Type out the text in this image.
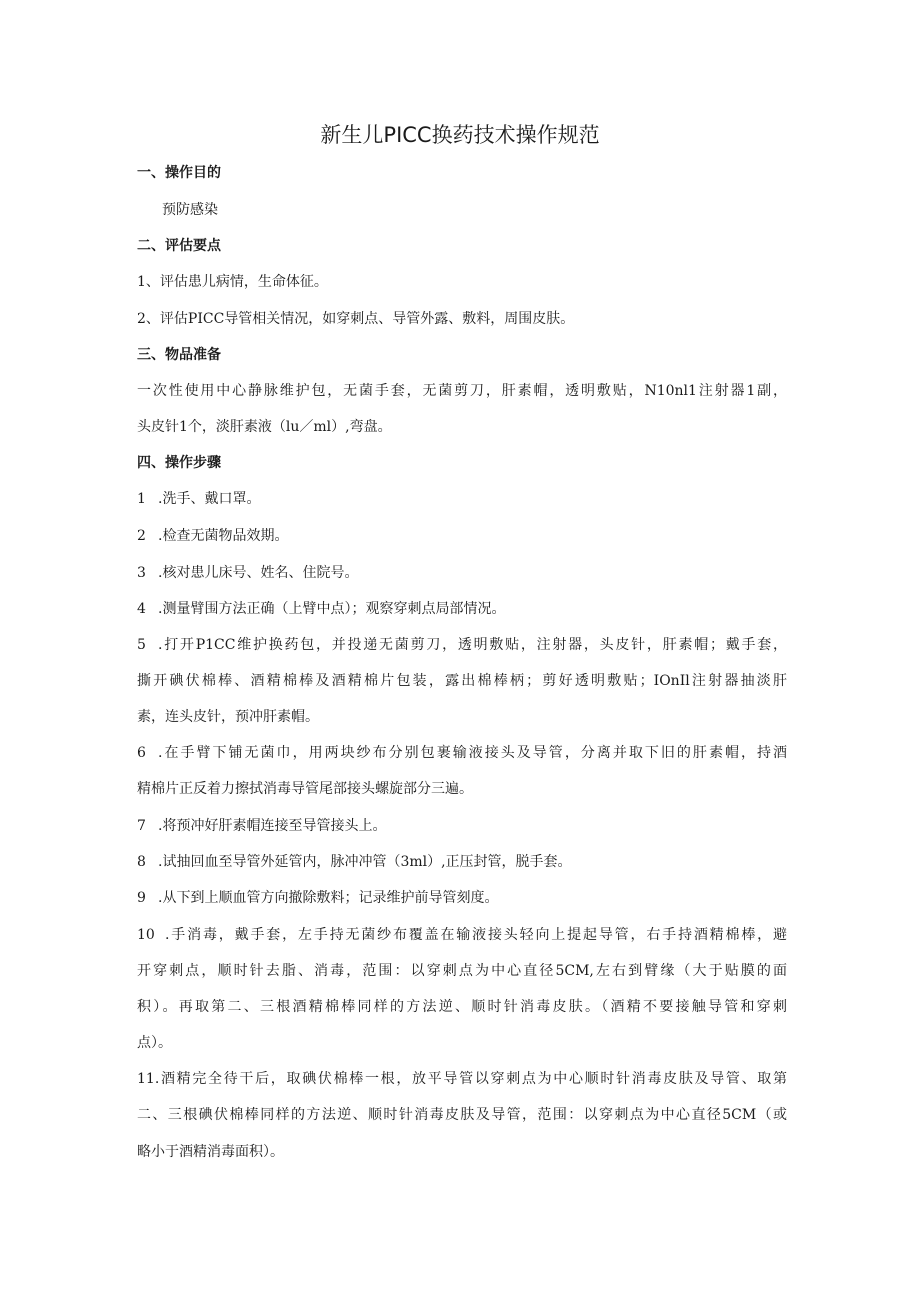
新生儿PICC换药技术操作规范
一、操作目的
预防感染
二、评估要点
1、评估患儿病情，生命体征。
2、评估PICC导管相关情况，如穿刺点、导管外露、敷料，周围皮肤。
三、物品准备
一次性使用中心静脉维护包，无菌手套，无菌剪刀，肝素帽，透明敷贴，N10nl1注射器1副，
头皮针1个，淡肝素液（lu／ml）,弯盘。
四、操作步骤
1 .洗手、戴口罩。
2 .检查无菌物品效期。
3 .核对患儿床号、姓名、住院号。
4 .测量臂围方法正确（上臂中点）；观察穿刺点局部情况。
5 .打开P1CC维护换药包，并投递无菌剪刀，透明敷贴，注射器，头皮针，肝素帽；戴手套，
撕开碘伏棉棒、酒精棉棒及酒精棉片包装，露出棉棒柄；剪好透明敷贴；IOnIl注射器抽淡肝
素，连头皮针，预冲肝素帽。
6 .在手臂下铺无菌巾，用两块纱布分别包裹输液接头及导管，分离并取下旧的肝素帽，持酒
精棉片正反着力擦拭消毒导管尾部接头螺旋部分三遍。
7 .将预冲好肝素帽连接至导管接头上。
8 .试抽回血至导管外延管内，脉冲冲管（3ml）,正压封管，脱手套。
9 .从下到上顺血管方向撤除敷料；记录维护前导管刻度。
10 .手消毒，戴手套，左手持无菌纱布覆盖在输液接头轻向上提起导管，右手持酒精棉棒，避
开穿刺点，顺时针去脂、消毒，范围：以穿刺点为中心直径5CM,左右到臂缘（大于贴膜的面
积）。再取第二、三根酒精棉棒同样的方法逆、顺时针消毒皮肤。（酒精不要接触导管和穿刺
点）。
11.酒精完全待干后，取碘伏棉棒一根，放平导管以穿刺点为中心顺时针消毒皮肤及导管、取第
二、三根碘伏棉棒同样的方法逆、顺时针消毒皮肤及导管，范围：以穿刺点为中心直径5CM（或
略小于酒精消毒面积）。
